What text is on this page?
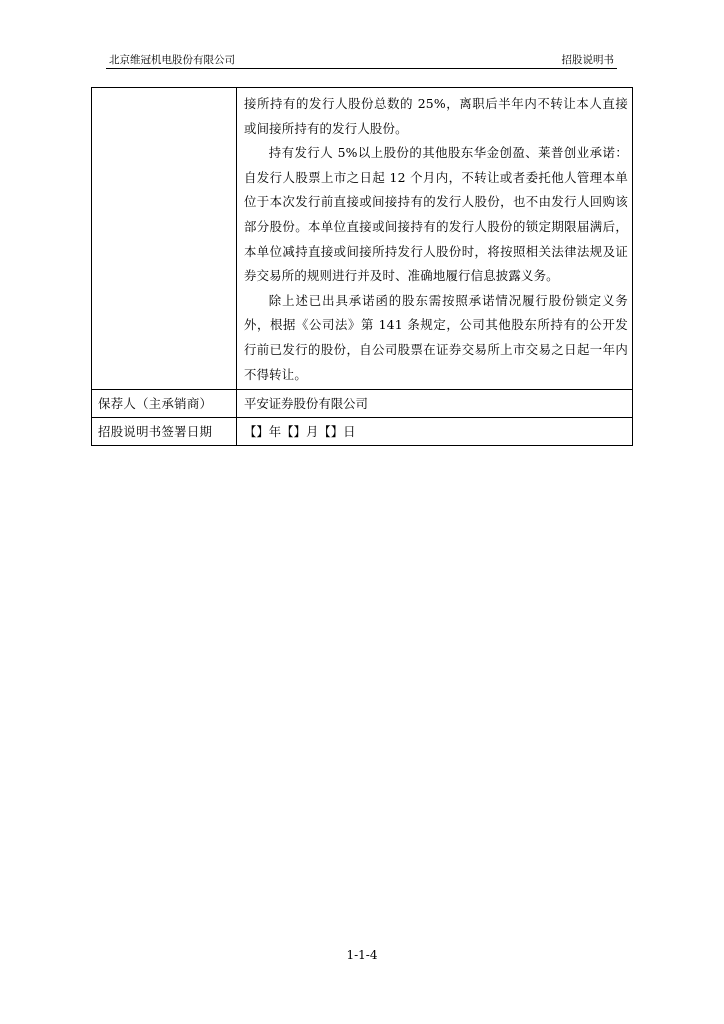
北京维冠机电股份有限公司	招股说明书

	接所持有的发行人股份总数的 25%，离职后半年内不转让本人直接或间接所持有的发行人股份。

持有发行人 5%以上股份的其他股东华金创盈、莱普创业承诺：自发行人股票上市之日起 12 个月内，不转让或者委托他人管理本单位于本次发行前直接或间接持有的发行人股份，也不由发行人回购该部分股份。本单位直接或间接持有的发行人股份的锁定期限届满后，本单位减持直接或间接所持发行人股份时，将按照相关法律法规及证券交易所的规则进行并及时、准确地履行信息披露义务。

除上述已出具承诺函的股东需按照承诺情况履行股份锁定义务外，根据《公司法》第 141 条规定，公司其他股东所持有的公开发行前已发行的股份，自公司股票在证券交易所上市交易之日起一年内不得转让。

保荐人（主承销商）	平安证券股份有限公司
招股说明书签署日期	【】年【】月【】日
1-1-4
